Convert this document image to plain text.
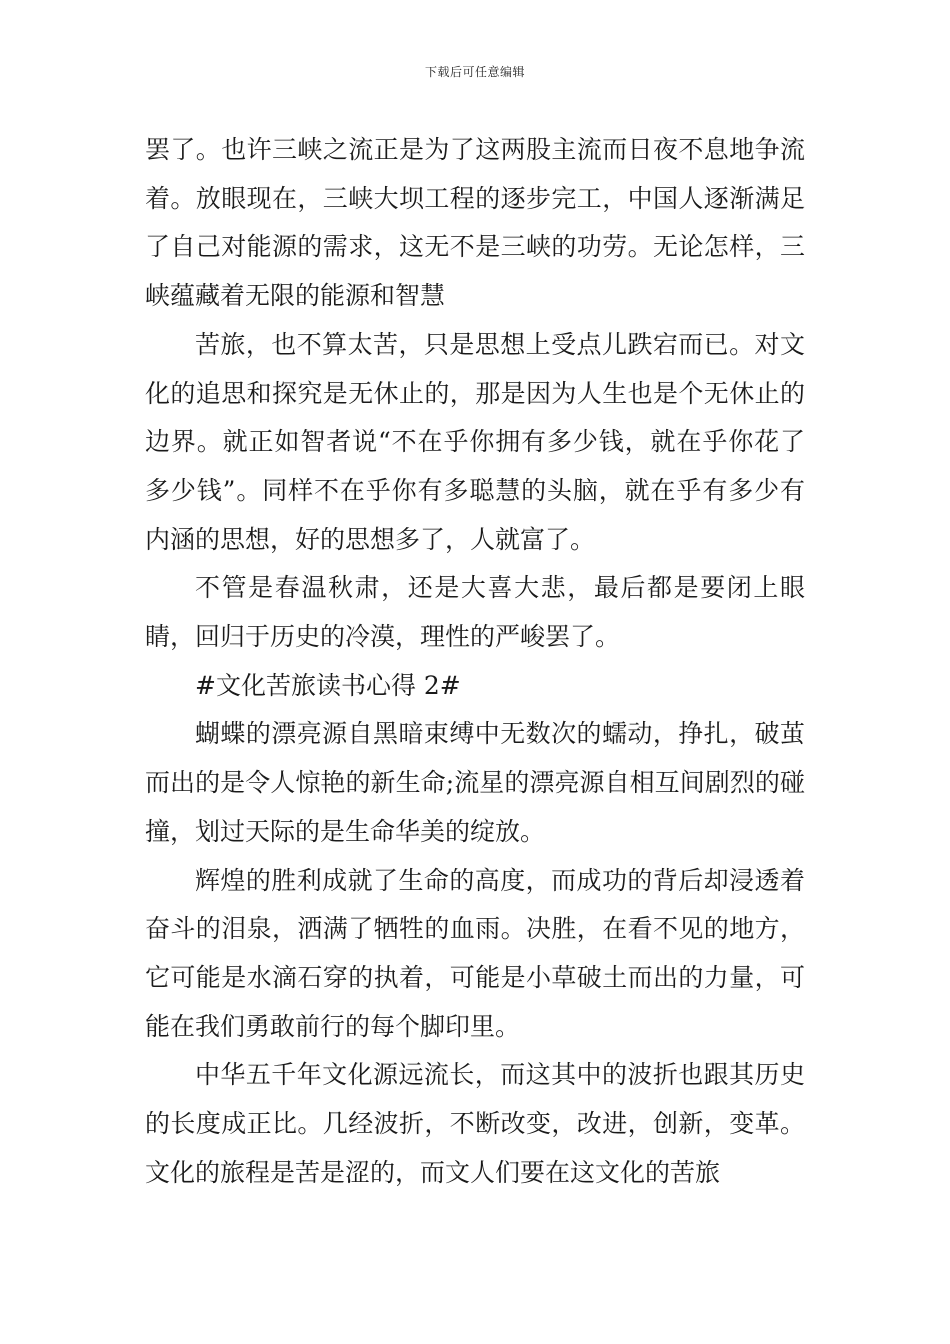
下载后可任意编辑

罢了。也许三峡之流正是为了这两股主流而日夜不息地争流着。放眼现在，三峡大坝工程的逐步完工，中国人逐渐满足了自己对能源的需求，这无不是三峡的功劳。无论怎样，三峡蕴藏着无限的能源和智慧

苦旅，也不算太苦，只是思想上受点儿跌宕而已。对文化的追思和探究是无休止的，那是因为人生也是个无休止的边界。就正如智者说“不在乎你拥有多少钱，就在乎你花了多少钱”。同样不在乎你有多聪慧的头脑，就在乎有多少有内涵的思想，好的思想多了，人就富了。

不管是春温秋肃，还是大喜大悲，最后都是要闭上眼睛，回归于历史的冷漠，理性的严峻罢了。

#文化苦旅读书心得 2#

蝴蝶的漂亮源自黑暗束缚中无数次的蠕动，挣扎，破茧而出的是令人惊艳的新生命;流星的漂亮源自相互间剧烈的碰撞，划过天际的是生命华美的绽放。

辉煌的胜利成就了生命的高度，而成功的背后却浸透着奋斗的泪泉，洒满了牺牲的血雨。决胜，在看不见的地方，它可能是水滴石穿的执着，可能是小草破土而出的力量，可能在我们勇敢前行的每个脚印里。

中华五千年文化源远流长，而这其中的波折也跟其历史的长度成正比。几经波折，不断改变，改进，创新，变革。文化的旅程是苦是涩的，而文人们要在这文化的苦旅
